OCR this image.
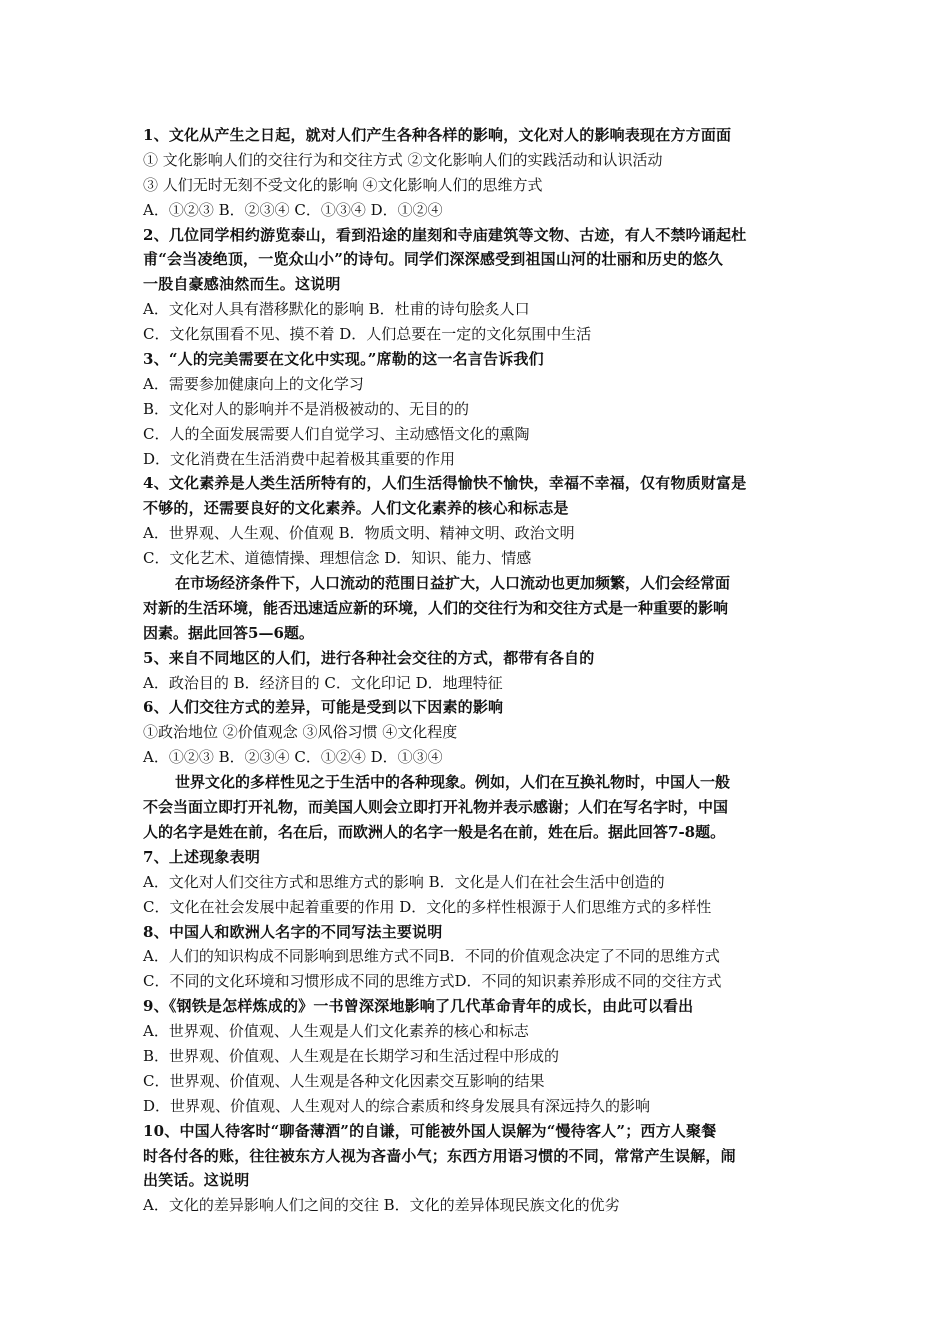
1、文化从产生之日起，就对人们产生各种各样的影响，文化对人的影响表现在方方面面
① 文化影响人们的交往行为和交往方式 ②文化影响人们的实践活动和认识活动
③ 人们无时无刻不受文化的影响 ④文化影响人们的思维方式
A．①②③ B．②③④ C．①③④ D．①②④
2、几位同学相约游览泰山，看到沿途的崖刻和寺庙建筑等文物、古迹，有人不禁吟诵起杜
甫“会当凌绝顶，一览众山小”的诗句。同学们深深感受到祖国山河的壮丽和历史的悠久
一股自豪感油然而生。这说明
A．文化对人具有潜移默化的影响 B．杜甫的诗句脍炙人口
C．文化氛围看不见、摸不着 D．人们总要在一定的文化氛围中生活
3、“人的完美需要在文化中实现。”席勒的这一名言告诉我们
A．需要参加健康向上的文化学习
B．文化对人的影响并不是消极被动的、无目的的
C．人的全面发展需要人们自觉学习、主动感悟文化的熏陶
D．文化消费在生活消费中起着极其重要的作用
4、文化素养是人类生活所特有的，人们生活得愉快不愉快，幸福不幸福，仅有物质财富是
不够的，还需要良好的文化素养。人们文化素养的核心和标志是
A．世界观、人生观、价值观 B．物质文明、精神文明、政治文明
C．文化艺术、道德情操、理想信念 D．知识、能力、情感
在市场经济条件下，人口流动的范围日益扩大，人口流动也更加频繁，人们会经常面
对新的生活环境，能否迅速适应新的环境，人们的交往行为和交往方式是一种重要的影响
因素。据此回答5—6题。
5、来自不同地区的人们，进行各种社会交往的方式，都带有各自的
A．政治目的 B．经济目的 C．文化印记 D．地理特征
6、人们交往方式的差异，可能是受到以下因素的影响
①政治地位 ②价值观念 ③风俗习惯 ④文化程度
A．①②③ B．②③④ C．①②④ D．①③④
世界文化的多样性见之于生活中的各种现象。例如，人们在互换礼物时，中国人一般
不会当面立即打开礼物，而美国人则会立即打开礼物并表示感谢；人们在写名字时，中国
人的名字是姓在前，名在后，而欧洲人的名字一般是名在前，姓在后。据此回答7-8题。
7、上述现象表明
A．文化对人们交往方式和思维方式的影响 B．文化是人们在社会生活中创造的
C．文化在社会发展中起着重要的作用 D．文化的多样性根源于人们思维方式的多样性
8、中国人和欧洲人名字的不同写法主要说明
A．人们的知识构成不同影响到思维方式不同B．不同的价值观念决定了不同的思维方式
C．不同的文化环境和习惯形成不同的思维方式D．不同的知识素养形成不同的交往方式
9、《钢铁是怎样炼成的》一书曾深深地影响了几代革命青年的成长，由此可以看出
A．世界观、价值观、人生观是人们文化素养的核心和标志
B．世界观、价值观、人生观是在长期学习和生活过程中形成的
C．世界观、价值观、人生观是各种文化因素交互影响的结果
D．世界观、价值观、人生观对人的综合素质和终身发展具有深远持久的影响
10、中国人待客时“聊备薄酒”的自谦，可能被外国人误解为“慢待客人”；西方人聚餐
时各付各的账，往往被东方人视为吝啬小气；东西方用语习惯的不同，常常产生误解，闹
出笑话。这说明
A．文化的差异影响人们之间的交往 B．文化的差异体现民族文化的优劣
